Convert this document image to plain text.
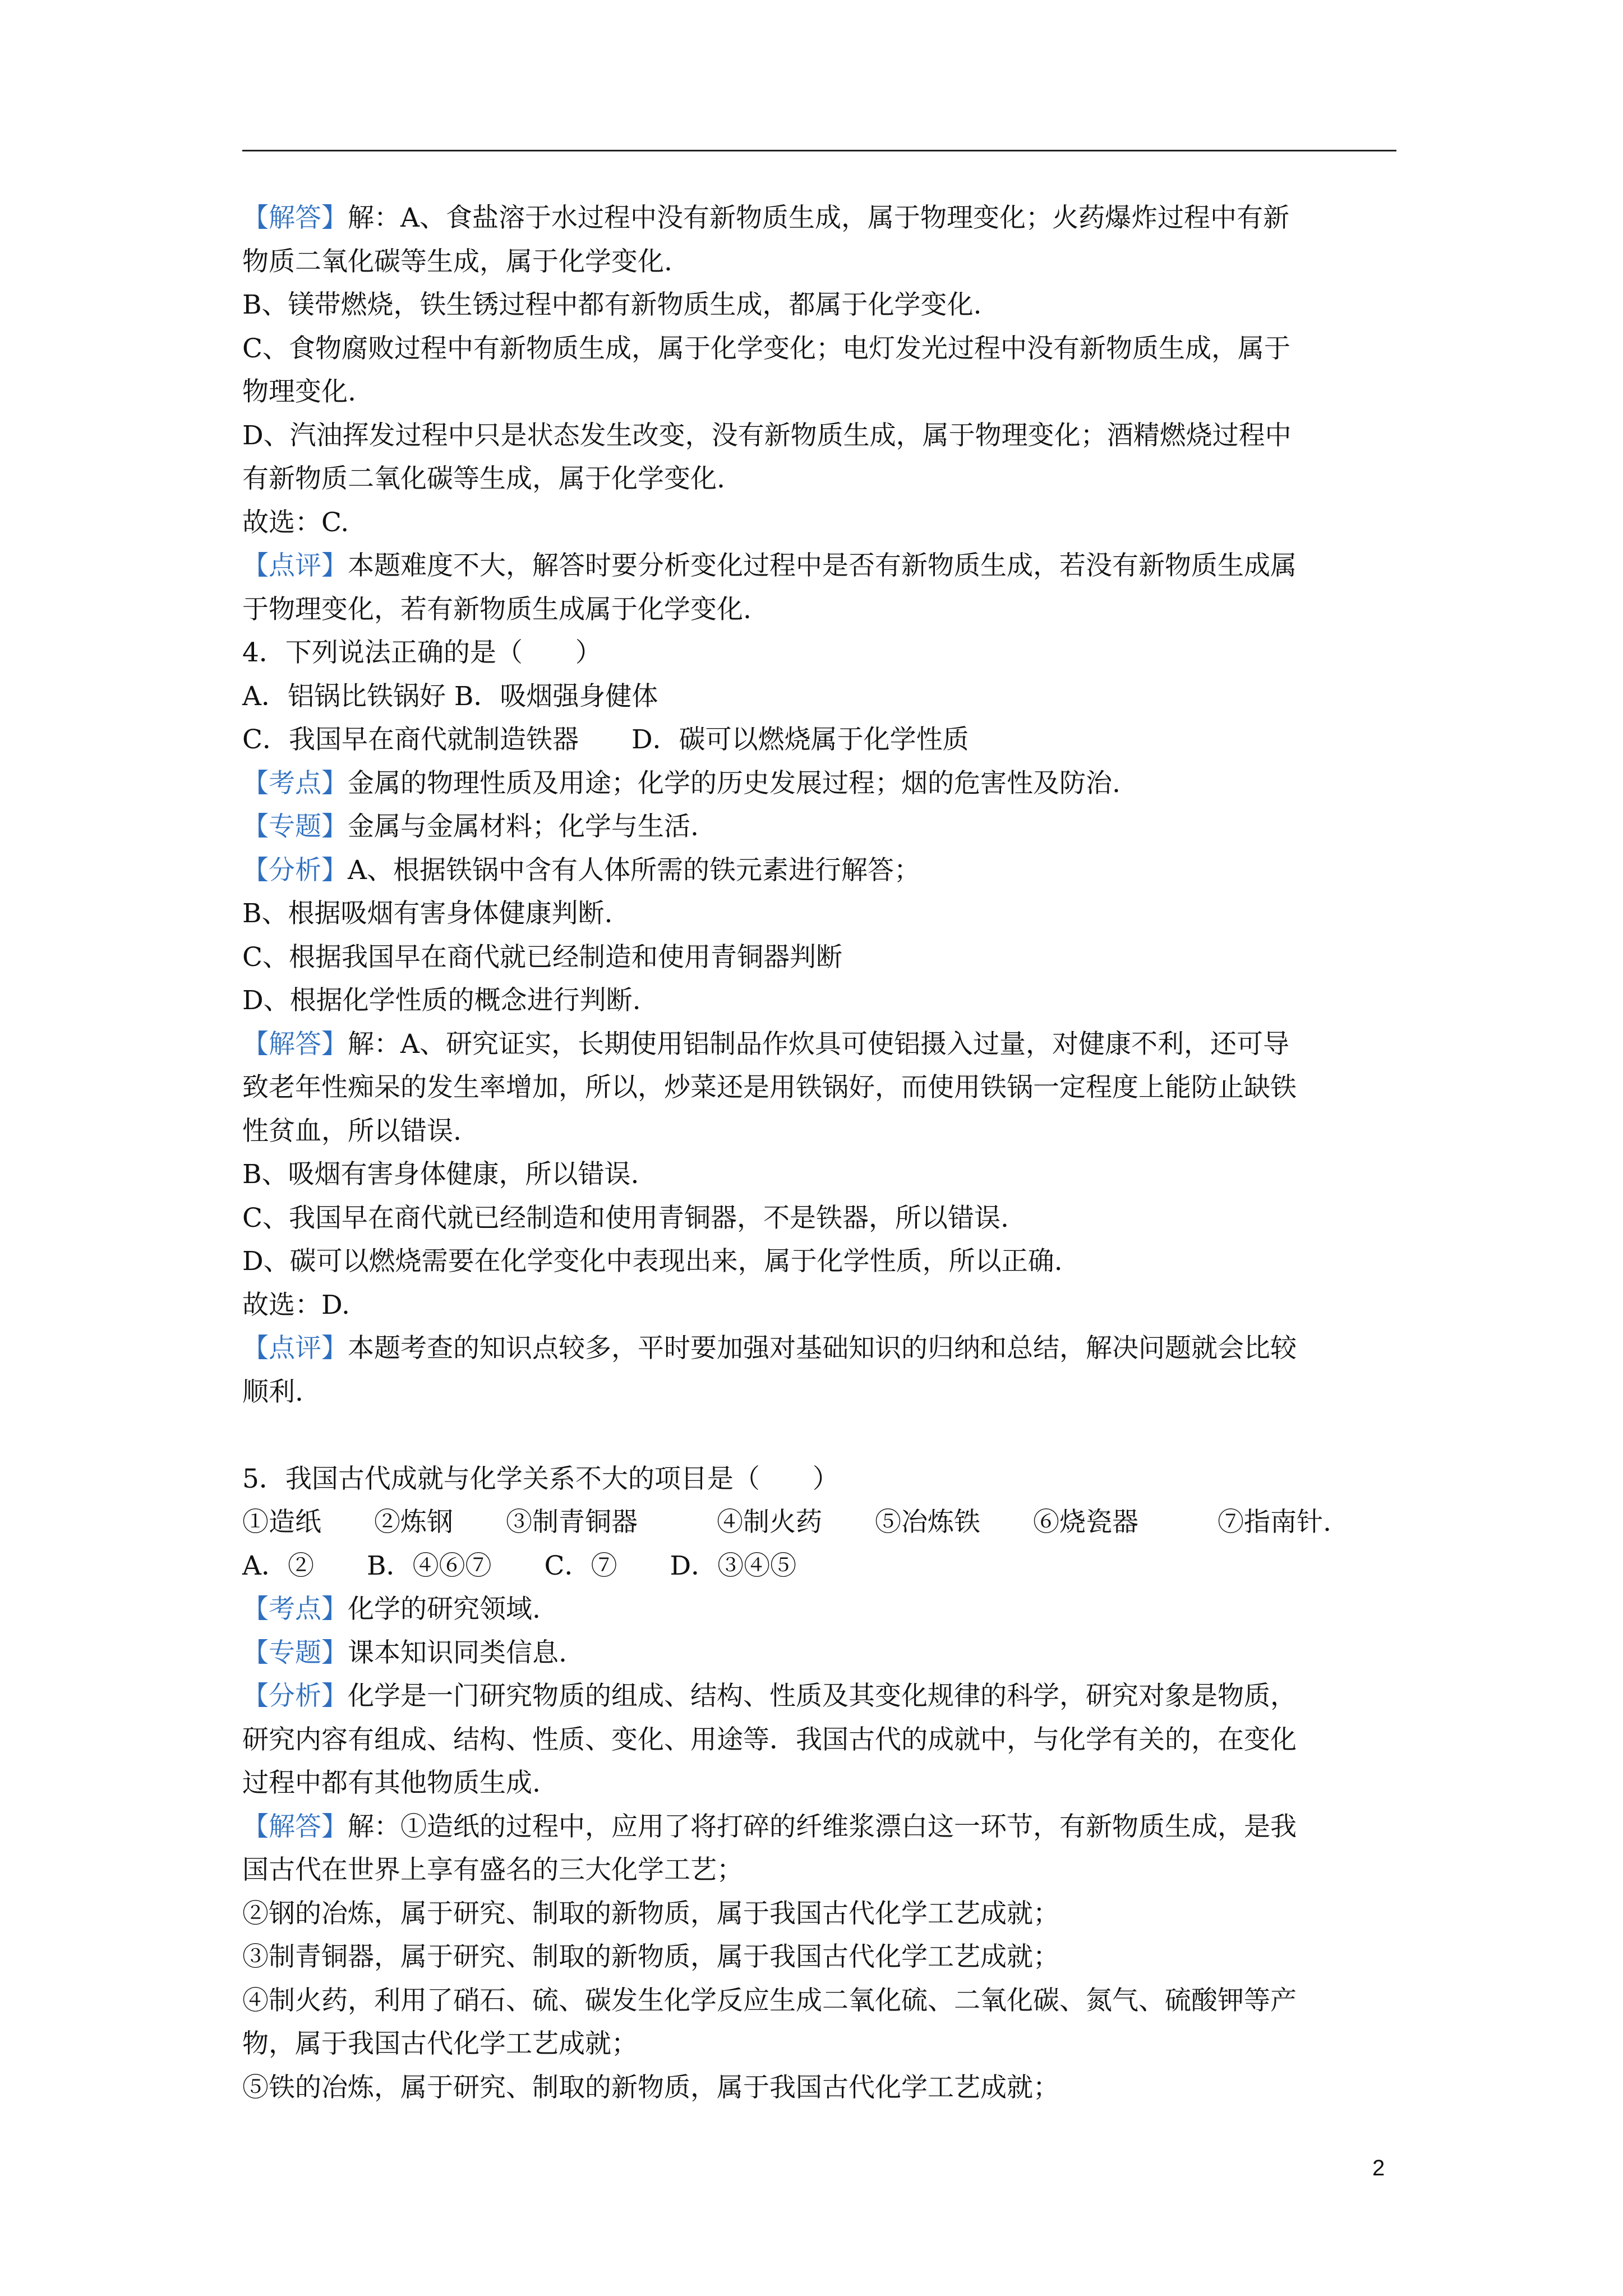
【解答】解：A、食盐溶于水过程中没有新物质生成，属于物理变化；火药爆炸过程中有新
物质二氧化碳等生成，属于化学变化.
B、镁带燃烧，铁生锈过程中都有新物质生成，都属于化学变化.
C、食物腐败过程中有新物质生成，属于化学变化；电灯发光过程中没有新物质生成，属于
物理变化.
D、汽油挥发过程中只是状态发生改变，没有新物质生成，属于物理变化；酒精燃烧过程中
有新物质二氧化碳等生成，属于化学变化.
故选：C.
【点评】本题难度不大，解答时要分析变化过程中是否有新物质生成，若没有新物质生成属
于物理变化，若有新物质生成属于化学变化.
4．下列说法正确的是（　　）
A．铝锅比铁锅好 B．吸烟强身健体
C．我国早在商代就制造铁器　　D．碳可以燃烧属于化学性质
【考点】金属的物理性质及用途；化学的历史发展过程；烟的危害性及防治.
【专题】金属与金属材料；化学与生活.
【分析】A、根据铁锅中含有人体所需的铁元素进行解答；
B、根据吸烟有害身体健康判断.
C、根据我国早在商代就已经制造和使用青铜器判断
D、根据化学性质的概念进行判断.
【解答】解：A、研究证实，长期使用铝制品作炊具可使铝摄入过量，对健康不利，还可导
致老年性痴呆的发生率增加，所以，炒菜还是用铁锅好，而使用铁锅一定程度上能防止缺铁
性贫血，所以错误.
B、吸烟有害身体健康，所以错误.
C、我国早在商代就已经制造和使用青铜器，不是铁器，所以错误.
D、碳可以燃烧需要在化学变化中表现出来，属于化学性质，所以正确.
故选：D.
【点评】本题考查的知识点较多，平时要加强对基础知识的归纳和总结，解决问题就会比较
顺利.
5．我国古代成就与化学关系不大的项目是（　　）
①造纸　　②炼钢　　③制青铜器　　　④制火药　　⑤冶炼铁　　⑥烧瓷器　　　⑦指南针.
A．②　　B．④⑥⑦　　C．⑦　　D．③④⑤
【考点】化学的研究领域.
【专题】课本知识同类信息.
【分析】化学是一门研究物质的组成、结构、性质及其变化规律的科学，研究对象是物质，
研究内容有组成、结构、性质、变化、用途等．我国古代的成就中，与化学有关的，在变化
过程中都有其他物质生成.
【解答】解：①造纸的过程中，应用了将打碎的纤维浆漂白这一环节，有新物质生成，是我
国古代在世界上享有盛名的三大化学工艺；
②钢的冶炼，属于研究、制取的新物质，属于我国古代化学工艺成就；
③制青铜器，属于研究、制取的新物质，属于我国古代化学工艺成就；
④制火药，利用了硝石、硫、碳发生化学反应生成二氧化硫、二氧化碳、氮气、硫酸钾等产
物，属于我国古代化学工艺成就；
⑤铁的冶炼，属于研究、制取的新物质，属于我国古代化学工艺成就；
2
